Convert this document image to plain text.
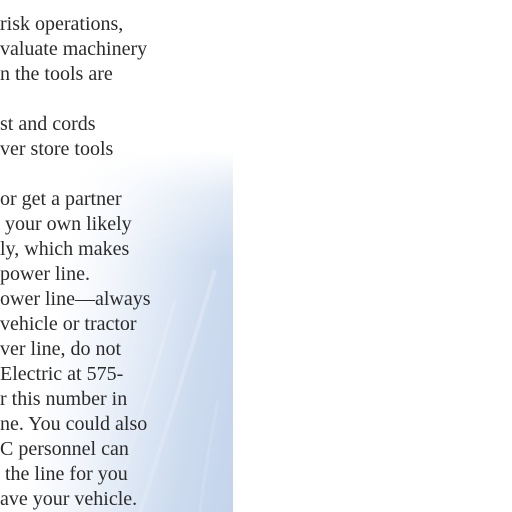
risk operations,
valuate machinery
n the tools are
st and cords
ver store tools
or get a partner
your own likely
ly, which makes
power line.
ower line—always
vehicle or tractor
ver line, do not
Electric at 575-
r this number in
ne. You could also
C personnel can
the line for you
ave your vehicle.
